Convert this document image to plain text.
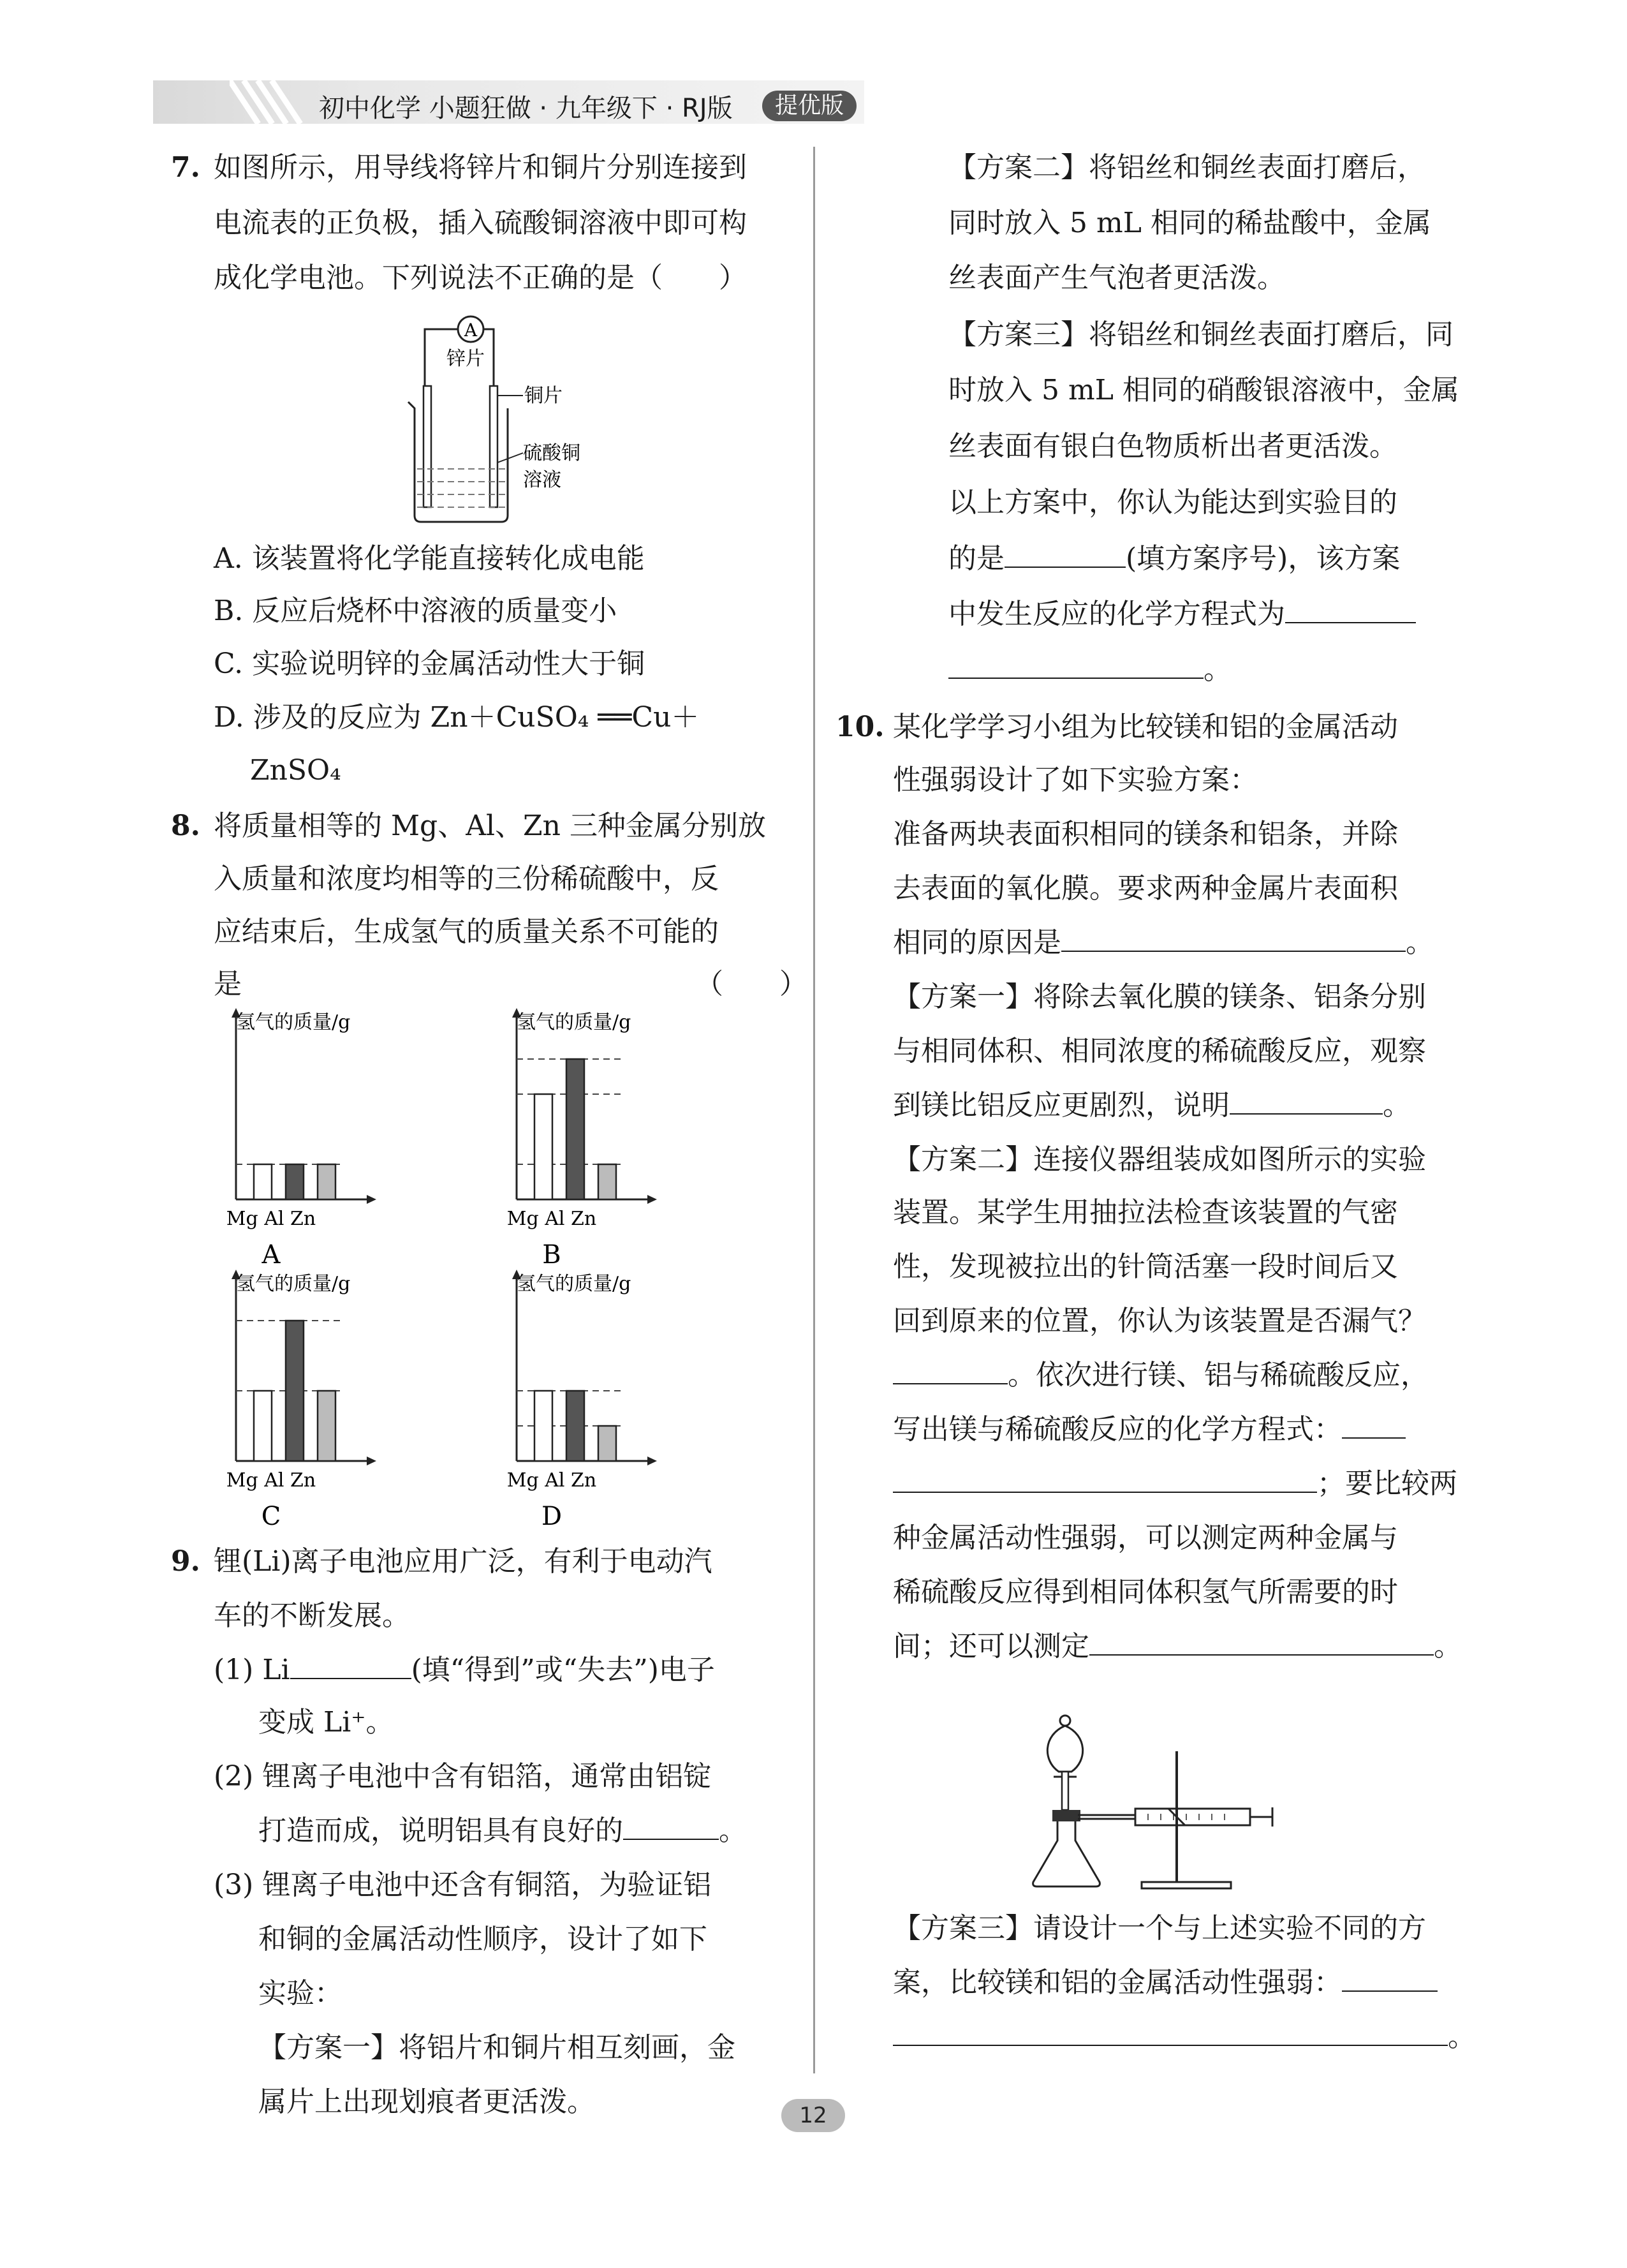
初中化学 小题狂做 · 九年级下 · RJ版	提优版
7. 如图所示，用导线将锌片和铜片分别连接到
电流表的正负极，插入硫酸铜溶液中即可构
成化学电池。下列说法不正确的是（　　）
A
锌片
铜片
硫酸铜
溶液
A. 该装置将化学能直接转化成电能
B. 反应后烧杯中溶液的质量变小
C. 实验说明锌的金属活动性大于铜
D. 涉及的反应为 Zn＋CuSO₄ ══Cu＋
ZnSO₄
8. 将质量相等的 Mg、Al、Zn 三种金属分别放
入质量和浓度均相等的三份稀硫酸中，反
应结束后，生成氢气的质量关系不可能的
是	（　　）
氢气的质量/g
Mg Al Zn
A
氢气的质量/g
Mg Al Zn
B
氢气的质量/g
Mg Al Zn
C
氢气的质量/g
Mg Al Zn
D
9. 锂(Li)离子电池应用广泛，有利于电动汽
车的不断发展。
(1) Li	(填“得到”或“失去”)电子
变成 Li⁺。
(2) 锂离子电池中含有铝箔，通常由铝锭
打造而成，说明铝具有良好的	。
(3) 锂离子电池中还含有铜箔，为验证铝
和铜的金属活动性顺序，设计了如下
实验：
【方案一】将铝片和铜片相互刻画，金
属片上出现划痕者更活泼。
【方案二】将铝丝和铜丝表面打磨后，
同时放入 5 mL 相同的稀盐酸中，金属
丝表面产生气泡者更活泼。
【方案三】将铝丝和铜丝表面打磨后，同
时放入 5 mL 相同的硝酸银溶液中，金属
丝表面有银白色物质析出者更活泼。
以上方案中，你认为能达到实验目的
的是	(填方案序号)，该方案
中发生反应的化学方程式为
。
10. 某化学学习小组为比较镁和铝的金属活动
性强弱设计了如下实验方案：
准备两块表面积相同的镁条和铝条，并除
去表面的氧化膜。要求两种金属片表面积
相同的原因是	。
【方案一】将除去氧化膜的镁条、铝条分别
与相同体积、相同浓度的稀硫酸反应，观察
到镁比铝反应更剧烈，说明	。
【方案二】连接仪器组装成如图所示的实验
装置。某学生用抽拉法检查该装置的气密
性，发现被拉出的针筒活塞一段时间后又
回到原来的位置，你认为该装置是否漏气？
。依次进行镁、铝与稀硫酸反应，
写出镁与稀硫酸反应的化学方程式：
；要比较两
种金属活动性强弱，可以测定两种金属与
稀硫酸反应得到相同体积氢气所需要的时
间；还可以测定	。
【方案三】请设计一个与上述实验不同的方
案，比较镁和铝的金属活动性强弱：
。
12
